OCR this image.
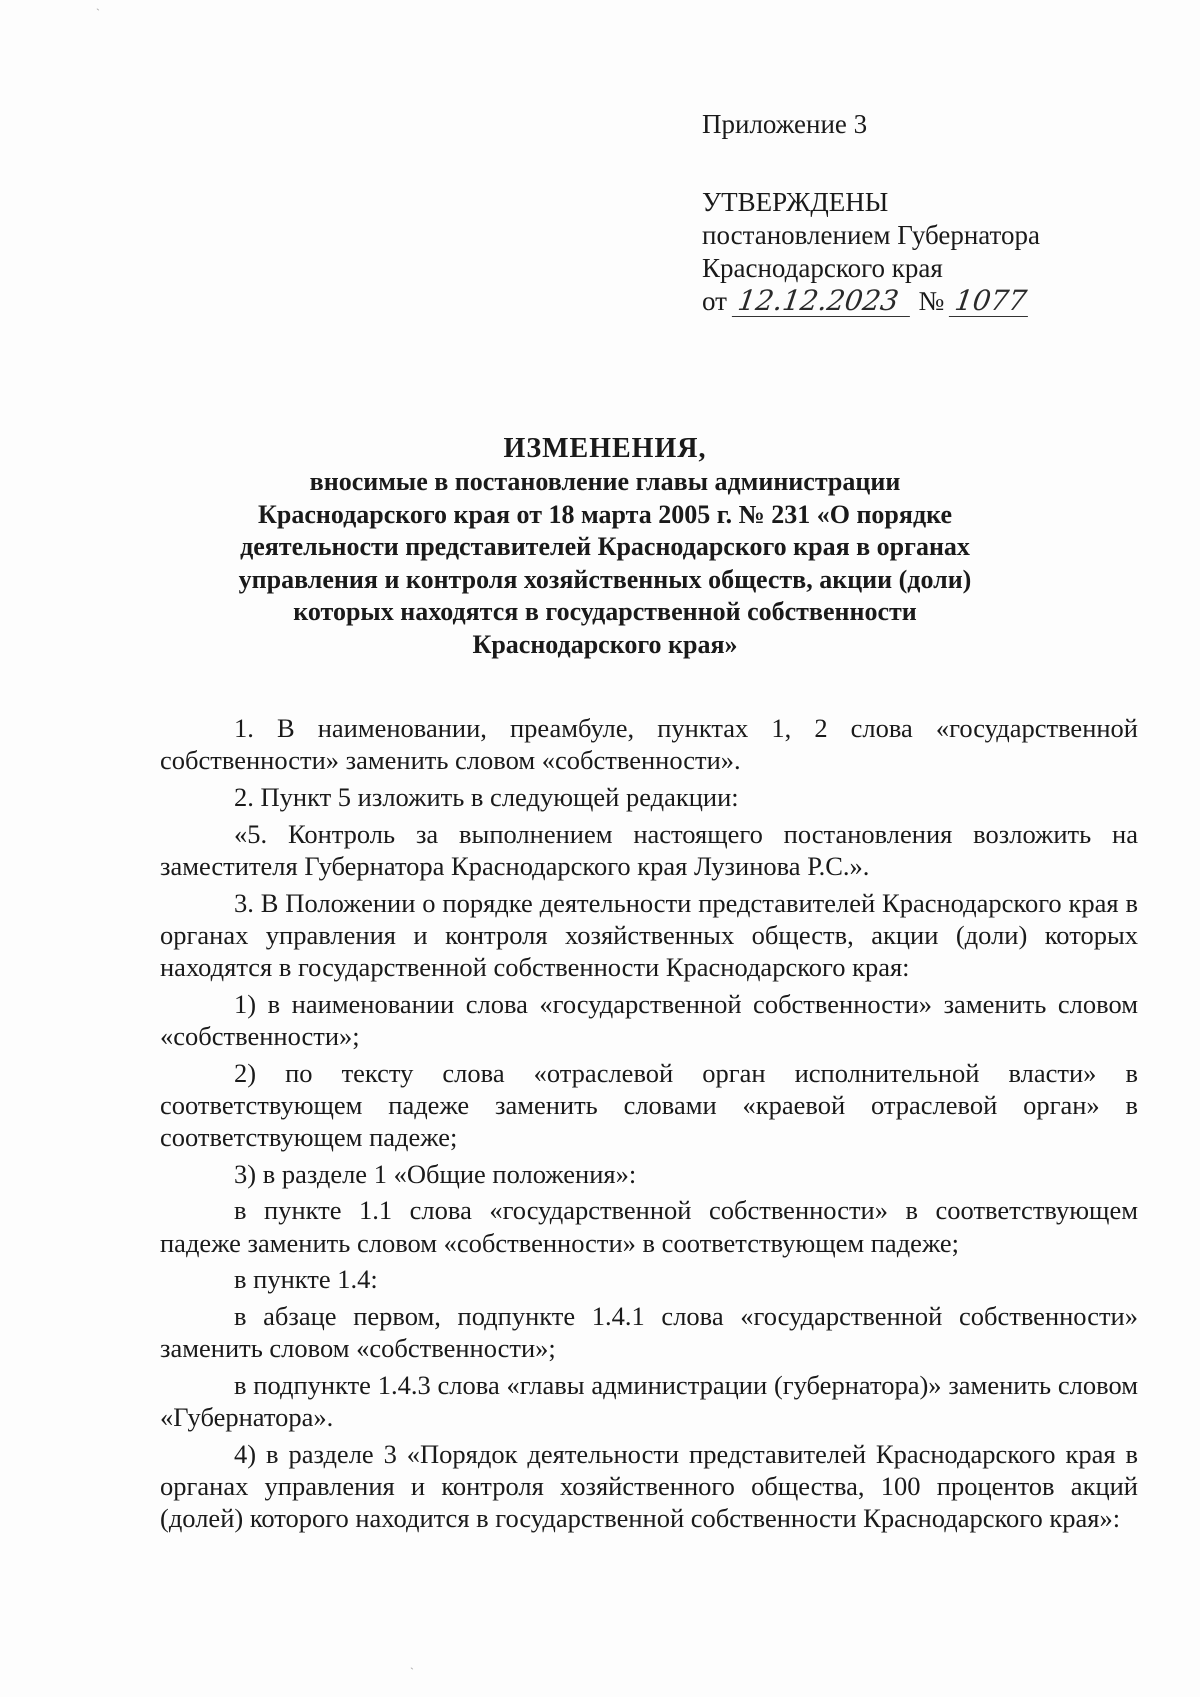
Приложение 3
УТВЕРЖДЕНЫ
постановлением Губернатора
Краснодарского края
от 12.12.2023 № 1077
ИЗМЕНЕНИЯ,
вносимые в постановление главы администрации
Краснодарского края от 18 марта 2005 г. № 231 «О порядке
деятельности представителей Краснодарского края в органах
управления и контроля хозяйственных обществ, акции (доли)
которых находятся в государственной собственности
Краснодарского края»

1. В наименовании, преамбуле, пунктах 1, 2 слова «государственной собственности» заменить словом «собственности».

2. Пункт 5 изложить в следующей редакции:

«5. Контроль за выполнением настоящего постановления возложить на заместителя Губернатора Краснодарского края Лузинова Р.С.».

3. В Положении о порядке деятельности представителей Краснодарского края в органах управления и контроля хозяйственных обществ, акции (доли) которых находятся в государственной собственности Краснодарского края:

1) в наименовании слова «государственной собственности» заменить словом «собственности»;

2) по тексту слова «отраслевой орган исполнительной власти» в соответствующем падеже заменить словами «краевой отраслевой орган» в соответствующем падеже;

3) в разделе 1 «Общие положения»:

в пункте 1.1 слова «государственной собственности» в соответствующем падеже заменить словом «собственности» в соответствующем падеже;

в пункте 1.4:

в абзаце первом, подпункте 1.4.1 слова «государственной собственности» заменить словом «собственности»;

в подпункте 1.4.3 слова «главы администрации (губернатора)» заменить словом «Губернатора».

4) в разделе 3 «Порядок деятельности представителей Краснодарского края в органах управления и контроля хозяйственного общества, 100 процентов акций (долей) которого находится в государственной собственности Краснодарского края»:

`
ˏ
